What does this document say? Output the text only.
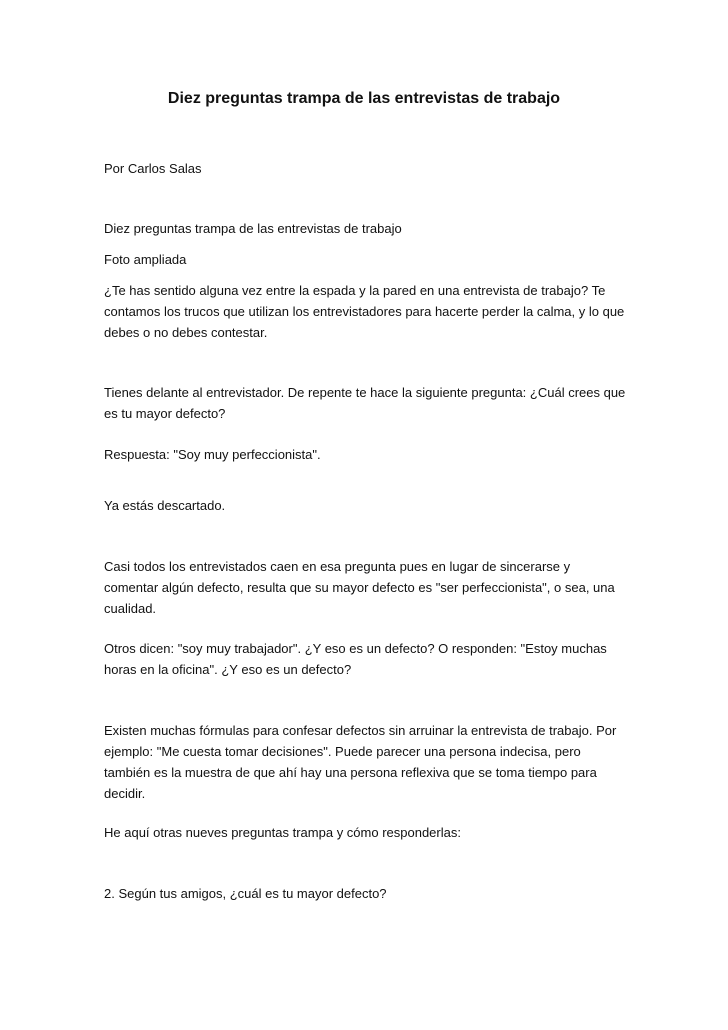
Diez preguntas trampa de las entrevistas de trabajo

Por Carlos Salas

Diez preguntas trampa de las entrevistas de trabajo

Foto ampliada

¿Te has sentido alguna vez entre la espada y la pared en una entrevista de trabajo? Te contamos los trucos que utilizan los entrevistadores para hacerte perder la calma, y lo que debes o no debes contestar.

Tienes delante al entrevistador. De repente te hace la siguiente pregunta: ¿Cuál crees que es tu mayor defecto?

Respuesta: "Soy muy perfeccionista".

Ya estás descartado.

Casi todos los entrevistados caen en esa pregunta pues en lugar de sincerarse y comentar algún defecto, resulta que su mayor defecto es "ser perfeccionista", o sea, una cualidad.

Otros dicen: "soy muy trabajador". ¿Y eso es un defecto? O responden: "Estoy muchas horas en la oficina". ¿Y eso es un defecto?

Existen muchas fórmulas para confesar defectos sin arruinar la entrevista de trabajo. Por ejemplo: "Me cuesta tomar decisiones". Puede parecer una persona indecisa, pero también es la muestra de que ahí hay una persona reflexiva que se toma tiempo para decidir.

He aquí otras nueves preguntas trampa y cómo responderlas:

2. Según tus amigos, ¿cuál es tu mayor defecto?
